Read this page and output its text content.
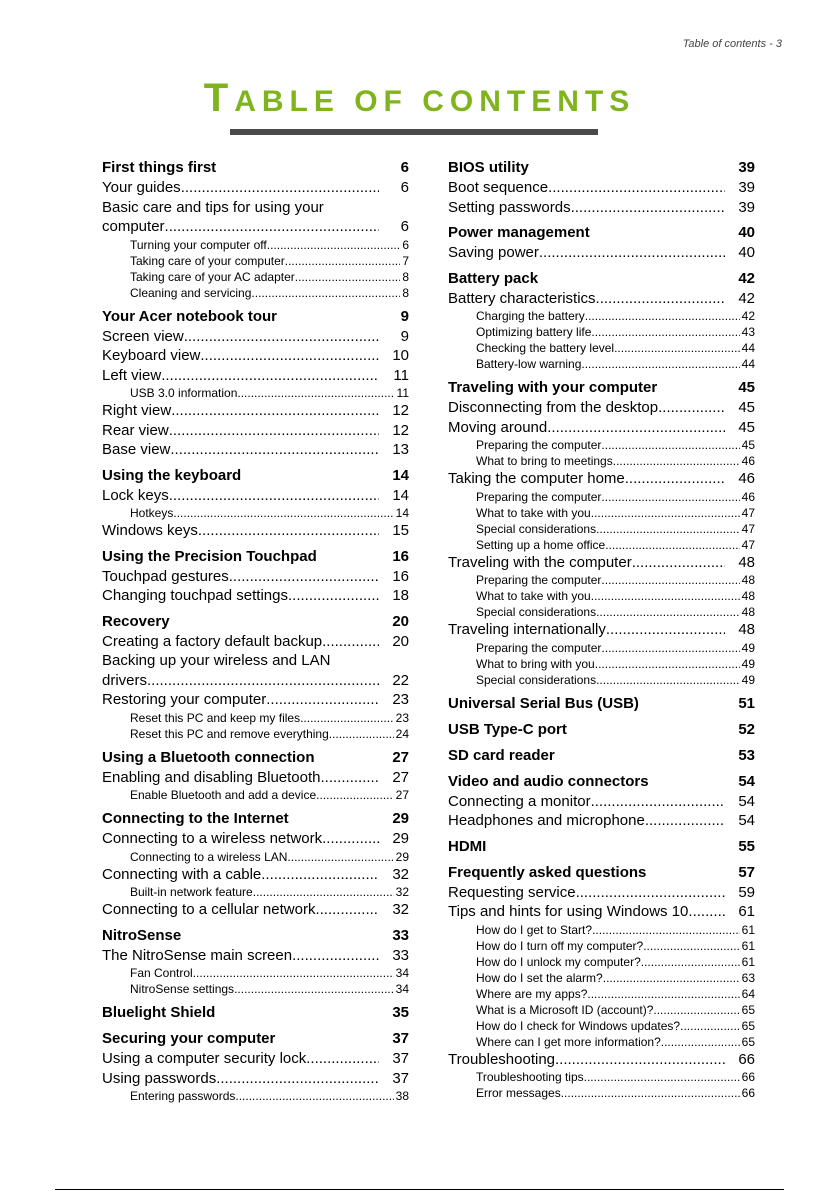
Table of contents - 3
TABLE OF CONTENTS
First things first	6
Your guides .....	6
Basic care and tips for using your
computer .....	6
Turning your computer off .....	6
Taking care of your computer .....	7
Taking care of your AC adapter .....	8
Cleaning and servicing .....	8
Your Acer notebook tour	9
Screen view .....	9
Keyboard view .....	10
Left view .....	11
USB 3.0 information .....	11
Right view .....	12
Rear view .....	12
Base view .....	13
Using the keyboard	14
Lock keys .....	14
Hotkeys .....	14
Windows keys .....	15
Using the Precision Touchpad	16
Touchpad gestures .....	16
Changing touchpad settings .....	18
Recovery	20
Creating a factory default backup .....	20
Backing up your wireless and LAN
drivers .....	22
Restoring your computer .....	23
Reset this PC and keep my files .....	23
Reset this PC and remove everything .....	24
Using a Bluetooth connection	27
Enabling and disabling Bluetooth .....	27
Enable Bluetooth and add a device .....	27
Connecting to the Internet	29
Connecting to a wireless network .....	29
Connecting to a wireless LAN .....	29
Connecting with a cable .....	32
Built-in network feature .....	32
Connecting to a cellular network .....	32
NitroSense	33
The NitroSense main screen .....	33
Fan Control .....	34
NitroSense settings .....	34
Bluelight Shield	35
Securing your computer	37
Using a computer security lock .....	37
Using passwords .....	37
Entering passwords .....	38
BIOS utility	39
Boot sequence .....	39
Setting passwords .....	39
Power management	40
Saving power .....	40
Battery pack	42
Battery characteristics .....	42
Charging the battery .....	42
Optimizing battery life .....	43
Checking the battery level .....	44
Battery-low warning .....	44
Traveling with your computer	45
Disconnecting from the desktop .....	45
Moving around .....	45
Preparing the computer .....	45
What to bring to meetings .....	46
Taking the computer home .....	46
Preparing the computer .....	46
What to take with you .....	47
Special considerations .....	47
Setting up a home office .....	47
Traveling with the computer .....	48
Preparing the computer .....	48
What to take with you .....	48
Special considerations .....	48
Traveling internationally .....	48
Preparing the computer .....	49
What to bring with you .....	49
Special considerations .....	49
Universal Serial Bus (USB)	51
USB Type-C port	52
SD card reader	53
Video and audio connectors	54
Connecting a monitor .....	54
Headphones and microphone .....	54
HDMI	55
Frequently asked questions	57
Requesting service .....	59
Tips and hints for using Windows 10 .....	61
How do I get to Start? .....	61
How do I turn off my computer? .....	61
How do I unlock my computer? .....	61
How do I set the alarm? .....	63
Where are my apps? .....	64
What is a Microsoft ID (account)? .....	65
How do I check for Windows updates? .....	65
Where can I get more information? .....	65
Troubleshooting .....	66
Troubleshooting tips .....	66
Error messages .....	66
